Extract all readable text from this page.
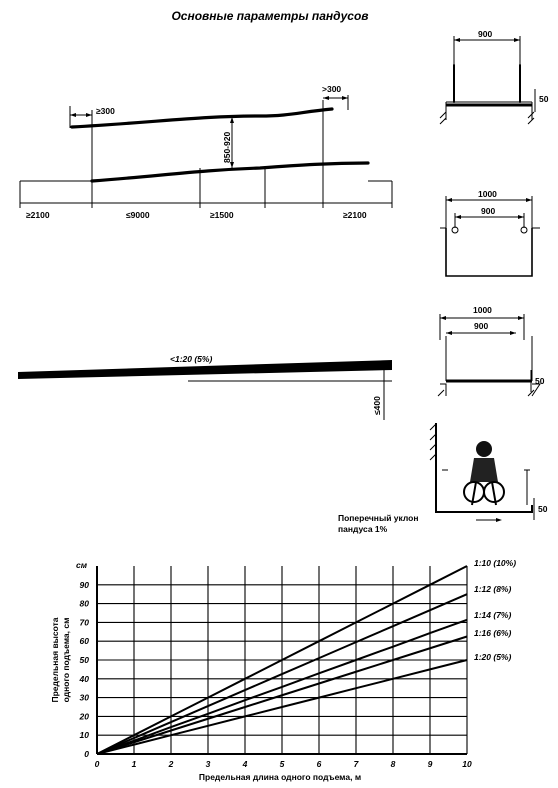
Основные параметры пандусов
≥300
>300
850-920
≥2100	≤9000	≥1500	≥2100
<1:20 (5%)
≤400
900
50
1000
900
1000
900
50
50
Поперечный уклон
пандуса 1%
0	1	2	3	4	5	6	7	8	9	10
0
10
20
30
40
50
60
70
80
90
1:10 (10%)
1:12 (8%)
1:14 (7%)
1:16 (6%)
1:20 (5%)
см
Предельная высота одного подъема, см
Предельная длина одного подъема, м
